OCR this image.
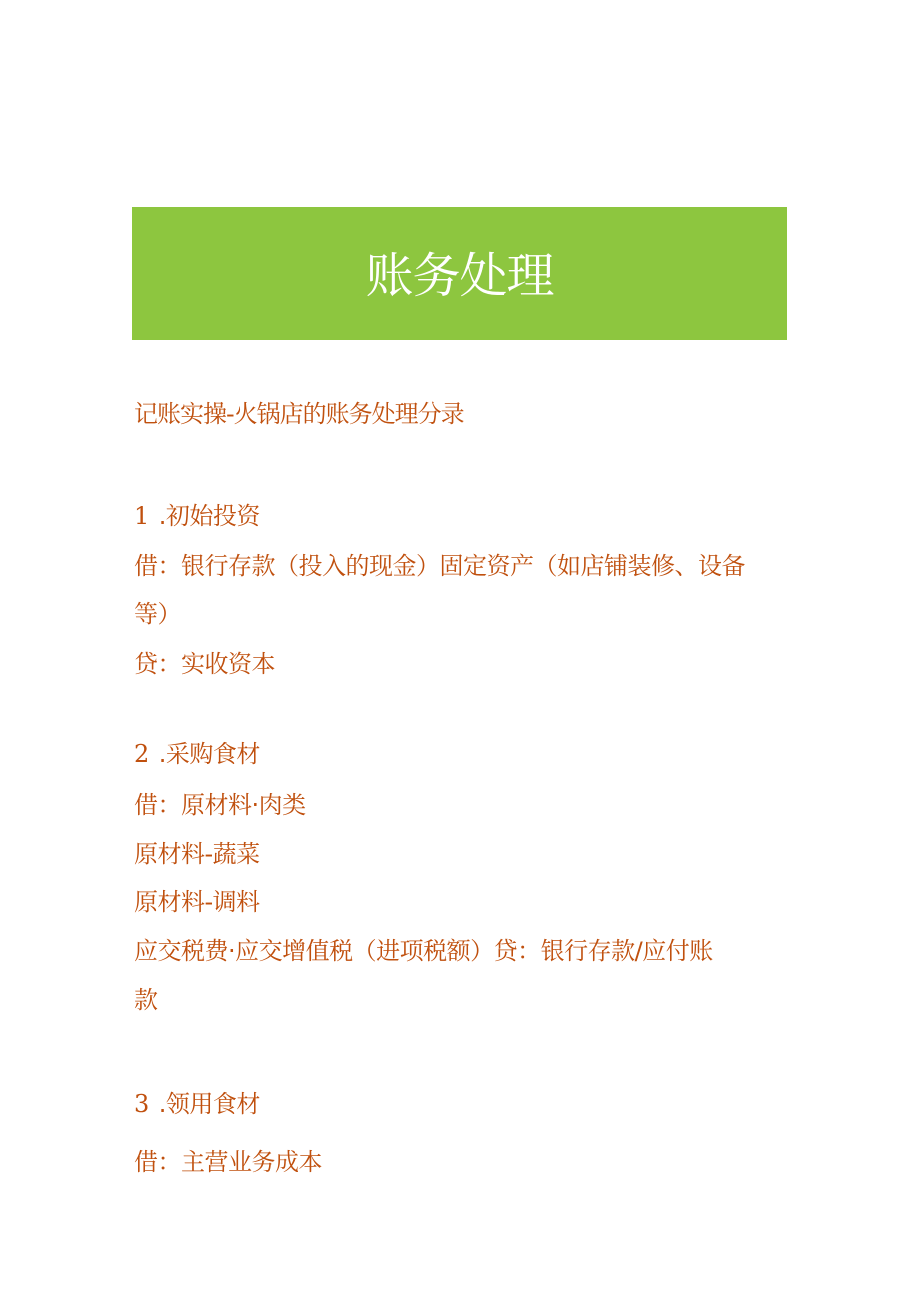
账务处理
记账实操-火锅店的账务处理分录
1 .初始投资
借：银行存款（投入的现金）固定资产（如店铺装修、设备
等）
贷：实收资本
2 .采购食材
借：原材料·肉类
原材料-蔬菜
原材料-调料
应交税费·应交增值税（进项税额）贷：银行存款/应付账
款
3 .领用食材
借：主营业务成本
